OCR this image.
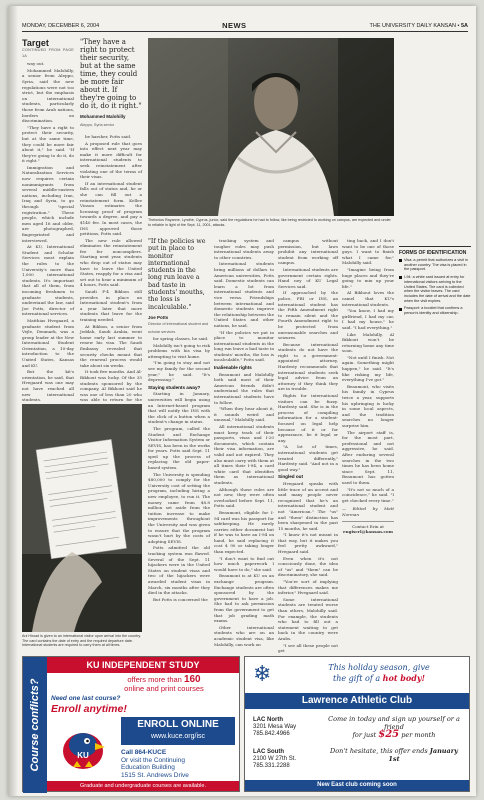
MONDAY, DECEMBER 6, 2004	NEWS	THE UNIVERSITY DAILY KANSAN • 5A
Target
CONTINUED FROM PAGE 1A

way out.

Mohammed Malohilly, a senior from Aleppo, Syria, said the new regulations were not too strict, but the emphasis on international students, particularly those from Arab nations, borders on discrimination.

"They have a right to protect their security, but at the same time, they could be more fair about it," he said. "If they're going to do it, do it right."

Immigration and Naturalization Services now requires certain nonimmigrants from several middle-eastern nations, including Iran, Iraq and Syria, to go through "special registration." These people, which include men aged 16 and older, are photographed, fingerprinted and interviewed.

At KU, International Student and Scholar Services must explain the rules to the University's more than 1,000 international students. It's important that all of them, from incoming freshmen to graduate students, understand the law, said Joe Potts, director of international services.

Matthias Hvegaard, a graduate student from Vejle, Denmark, was a group leader at the New International Student Orientation, a 10-day introduction to the United States, Kansas and KU.

But the kit's orientation, he said, that Hvegaard was one may not have reached all new international students.

"They have a right to protect their security, but at the same time, they could be more fair about it. If they're going to do it, do it right."
Mohammed Malohilly
Aleppo, Syria senior

be harsher, Potts said.

A proposed rule that goes into effect next year may make it more difficult for international students to seek reinstatement after violating one of the terms of their visas.

If an international student falls out of status and, he or she can fill out a reinstatement form. Kellee Vinson estimates the licensing proof of program towards a degree, and pay a $140 fee. In most cases, the INS approved those petitions, Potts said.

The new rule allowed eliminates the reinstatement fee for noncompliers. Starting next year, students who drop out of status may have to leave the United States, reapply for a visa and set out to hear a minimum of 4 hours, Potts said.

Saudi F-4 Bikbon still provides in place an International student's from a year later that more students that leave for the training needed.

At Bikbon, a senior from Jeddah, Saudi Arabia, went home early last summer to renew his visa. The Saudi Embassy revealed that security checks meant that the renewal process would take about six weeks.

It took five months. And Al-Bikhout was lucky. Of the 35 students sponsored by the company, Al Bikhout said he was one of less than 20 who was able to return for the

Thelonius Rayanne, Lyndhe, Cyprus, junior, said the regulations he had to follow, like being restricted to working on campus, are expected and under to reliable in light of the Sept. 11, 2001, attacks.
"If the policies we put in place to monitor international students in the long run leave a bad taste in students' mouths, the loss is incalculable."
Joe Potts
Director of international student and scholar services

for spring classes, he said.

Malohilly isn't going to risk problems with his visa by attempting to visit home.

"I'm going to stay and not see my family for the second year," he said. "It's depressing."

Staying students away?

Starting in January, universities will begin using an Internet-based program that will notify the INS with the click of a button when a student's change in status.

The program, called the Student and Exchange Visitor Information System or SEVIS, has been in the works for years. Potts said Sept. 11 sped up the process of replacing the old paper-based system.

The University is spending $80,000 to comply for the University cost of setting the program, including hiring a new employee, to run it. The money came from $8.8 million set aside from the tuition increase to make improvements throughout the University and was given to ensure that the program wasn't hurt by the costs of adopting SEVIS.

Potts admitted the old tracking system was flawed. Several of the Sept. 11 hijackers were in the United States on student visas and two of the hijackers were awarded student visas in March, six months after they died in the attacks.

But Potts is concerned the

tracking system and tougher rules may push international students away to other countries.

International students bring millions of dollars to American universities, Potts said. Domestic students can learn a lot from international students and vice versa. Friendships between international and domestic students improve the relationship between the United States and other nations, he said.

"If the policies we put in place to monitor international students in the long run leave a bad taste in students' mouths, the loss is incalculable," Potts said.

Inalienable rights

Beaumont and Malohilly both said most of their American friends didn't understand the rules that international students have to follow.

"When they hear about it, it sounds weird and unusual," Malohilly said.

All international students must keep track of their passports, visas and I-20 documents, which contain their visa information, are valid and not expired. They also must carry with them at all times their I-94, a card white card that identifies them as international students.

Although those rules are not new, they were often overlooked before Sept. 11, Potts said.

Beaumont, eligible for I-94 card was his passport for safekeeping. He rarely carries either document but if he was to have an I-94 on hand, he said replacing it cost $ 90 or taking longer than expected.

"I don't want to find out how much paperwork I would have to do," she said.

Beaumont is at KU on an exchange program. Exchange students are often sponsored by the government to have a job. She had to ask permission from the government to get that job grading math exams.

Other international students who are on an academic student visa, like Malohilly, can work on

campus without permission, but laws prohibit any international student from working off campus.

International students are government certain rights. Hand ney of KU Legal Services said.

If approached by the police, FBI or INS, an international student has the Fifth Amendment right to remain silent and the Fourth Amendment right to be protected from unreasonable searches and seizures.

Because international students do not have the right to a government-appointed attorney, Hardesty recommends that international students seek legal advice from an attorney if they think they are in trouble.

Rights for international visitors can be fuzzy. Hardesty said. She is in the process of compiling information for a student-focused on legal help because of it or for appearance, be it legal or any.

"A lot of times, international students get treated differently," Hardesty said. "And not in a good way."

Singled out

Hvegaard speaks with little trace of an accent and said many people never recognized that he's an international student and not "American." The "us" and "them" distinction has been sharpened in the past 15 months, he said.

"I know it's not meant in that way, but it makes you feel pretty awkward," Hvegaard said.

Even when it's not consciously done, the idea of "us" and "them" can be discriminatory, she said.

"You're sort of implying that differences makes me inferior," Hvegaard said.

Some international students are treated worse than others, Malohilly said. For example, the students who had to fill out a statement waiting to get back in the country were Arabs.

"I see all these people not get

ting back, and I don't want to be one of those guys. I want to finish what I came for," Malohilly said.

"Imagine being from huge places and they're going to mix up your life."

Al Bikhout loves the camel that KU's international students.

"You know, I had my girlfriend, I had my car, I had my house," he said. "I had everything."

Like Malohilly, Al Bikhout won't be returning home any time soon.

"Not until I finish. Not again. Something might happen," he said. "It's like risking my life, everything I've got."

Beaumont, who visits his family in Cyprus twice a year, supports his upbringing is lucky in some local aspects, and the tradition searches no longer surprise him.

The airport staff is, for the most part, professional and not aggressive, he said. After enduring several searches in the two times he has been home since Sept. 11, Beaumont has gotten used to them.

"It's not so much of a coincidence," he said. "I get checked every time."

— Edited by Matt Norman

Contact Erin at
engiscrl@kansan.com

FORMS OF IDENTIFICATION
Visa: a permit that authorizes a visit in another country. The visa is placed in the passport.
I-94: a white card issued at entry for international visitors arriving to the United States. The card is collected when the visitor leaves. The card includes the date of arrival and the date when the visit expires.
Passport: a booklet that confirms a person's identity and citizenship.
Ani Hiroad is given to an international visitor upon arrival into the country. The card contains the date of entry and the required departure date. International students are required to carry them at all times.
Course conflicts?
KU INDEPENDENT STUDY
offers more than 160
online and print courses
Need one last course?
Enroll anytime!
ENROLL ONLINE
www.kuce.org/isc
KU	Call 864-KUCE
Or visit the Continuing
Education Building
1515 St. Andrews Drive
Graduate and undergraduate courses are available.
This holiday season, give
the gift of a hot body!
❄
Lawrence Athletic Club
LAC North
3201 Mesa Way
785.842.4966
LAC South
2100 W 27th St.
785.331.2288
Come in today and sign up yourself or a friend
for just $25 per month
Don't hesitate, this offer ends January 1st
New East club coming soon
